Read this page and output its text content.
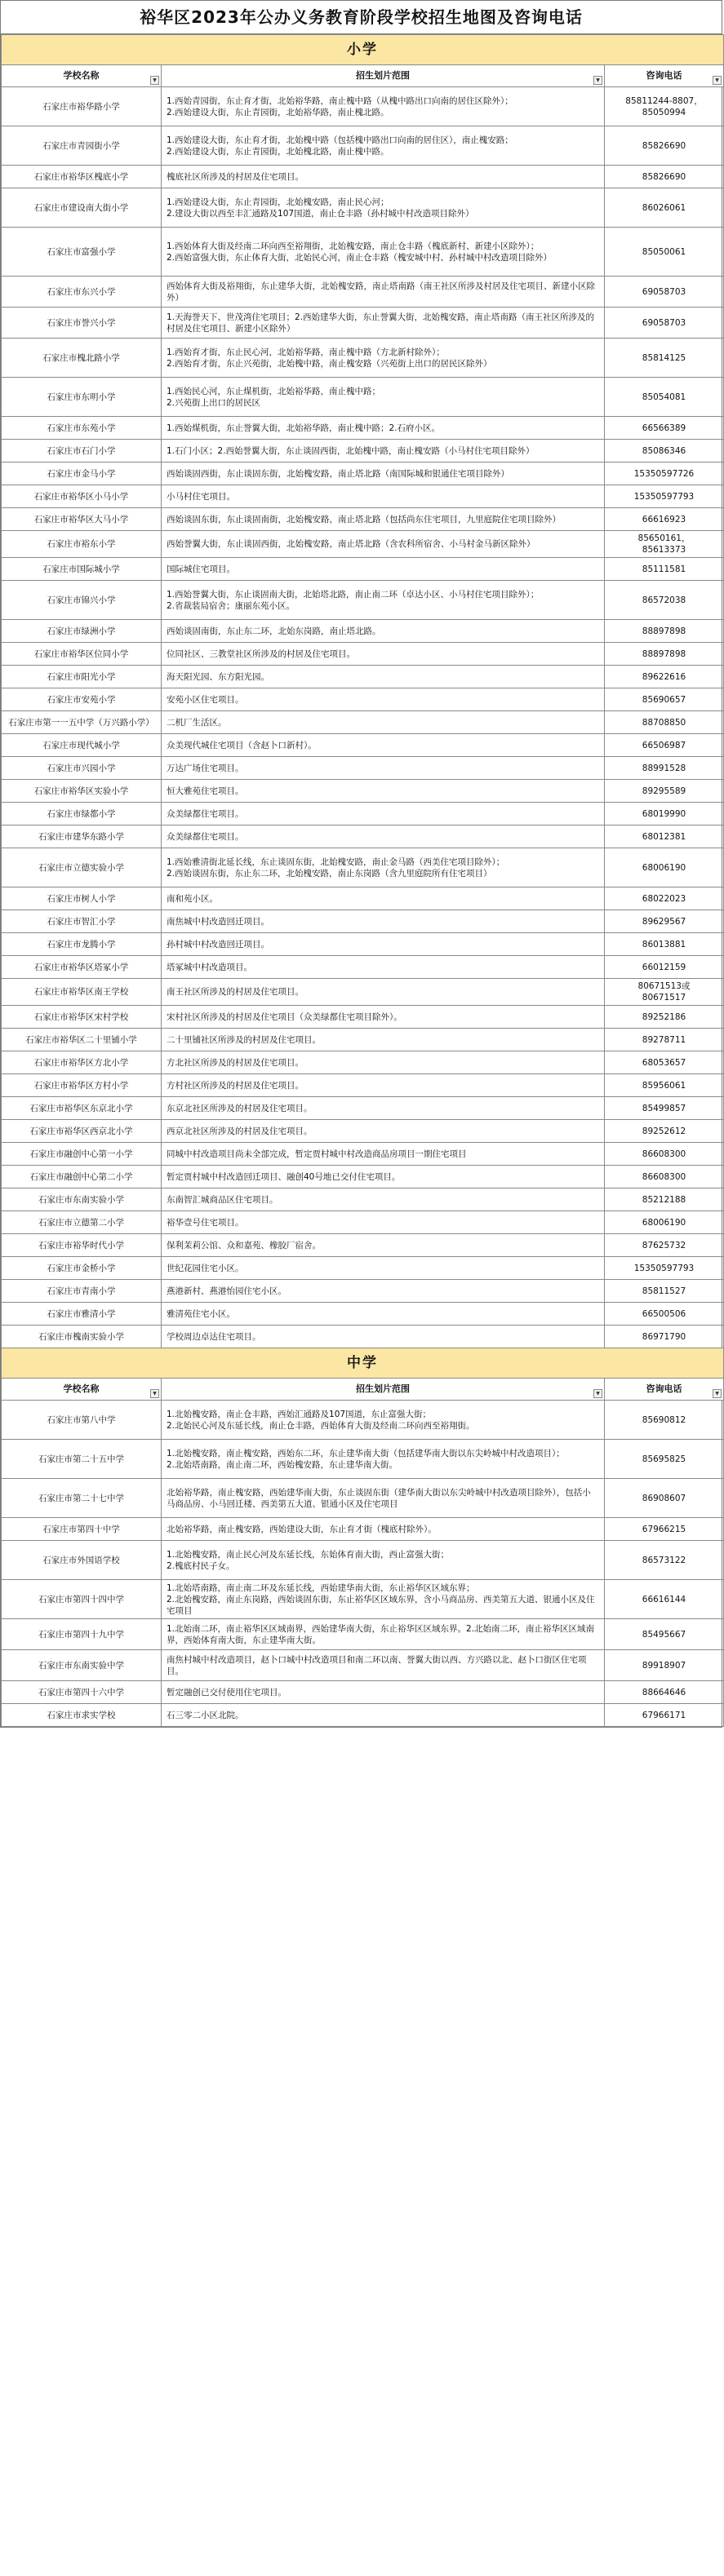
裕华区2023年公办义务教育阶段学校招生地图及咨询电话
小学		
学校名称 ▼	招生划片范围 ▼	咨询电话 ▼

石家庄市裕华路小学	1.西始青园街，东止育才街，北始裕华路，南止槐中路（从槐中路出口向南的居住区除外）；
2.西始建设大街，东止青园街，北始裕华路，南止槐北路。	85811244-8807，
85050994
石家庄市青园街小学	1.西始建设大街，东止育才街，北始槐中路（包括槐中路出口向南的居住区），南止槐安路；
2.西始建设大街，东止青园街，北始槐北路，南止槐中路。	85826690
石家庄市裕华区槐底小学	槐底社区所涉及的村居及住宅项目。	85826690
石家庄市建设南大街小学	1.西始建设大街，东止青园街，北始槐安路，南止民心河；
2.建设大街以西至丰汇通路及107国道，南止仓丰路（孙村城中村改造项目除外）	86026061
石家庄市富强小学	1.西始体育大街及经南二环向西至裕翔街，北始槐安路，南止仓丰路（槐底新村、新建小区除外）；
2.西始富强大街，东止体育大街，北始民心河，南止仓丰路（槐安城中村、孙村城中村改造项目除外）	85050061
石家庄市东兴小学	西始体育大街及裕翔街，东止建华大街，北始槐安路，南止塔南路（南王社区所涉及村居及住宅项目、新建小区除外）	69058703
石家庄市誉兴小学	1.天海誉天下、世茂湾住宅项目；2.西始建华大街，东止誉翼大街，北始槐安路，南止塔南路（南王社区所涉及的村居及住宅项目、新建小区除外）	69058703
石家庄市槐北路小学	1.西始育才街，东止民心河，北始裕华路，南止槐中路（方北新村除外）；
2.西始育才街，东止兴苑街，北始槐中路，南止槐安路（兴苑街上出口的居民区除外）	85814125
石家庄市东明小学	1.西始民心河，东止煤机街，北始裕华路，南止槐中路；
2.兴苑街上出口的居民区	85054081
石家庄市东苑小学	1.西始煤机街，东止誉翼大街，北始裕华路，南止槐中路；2.石府小区。	66566389
石家庄市石门小学	1.石门小区；2.西始誉翼大街，东止谈固西街，北始槐中路，南止槐安路（小马村住宅项目除外）	85086346
石家庄市金马小学	西始谈固西街，东止谈固东街，北始槐安路，南止塔北路（南国际城和银通住宅项目除外）	15350597726
石家庄市裕华区小马小学	小马村住宅项目。	15350597793
石家庄市裕华区大马小学	西始谈固东街，东止谈固南街，北始槐安路，南止塔北路（包括尚东住宅项目，九里庭院住宅项目除外）	66616923
石家庄市裕东小学	西始誉翼大街，东止谈固西街，北始槐安路，南止塔北路（含农科所宿舍、小马村金马新区除外）	85650161，
85613373
石家庄市国际城小学	国际城住宅项目。	85111581
石家庄市锦兴小学	1.西始誉翼大街，东止谈固南大街，北始塔北路，南止南二环（卓达小区、小马村住宅项目除外）；
2.省裁装局宿舍；康丽东苑小区。	86572038
石家庄市绿洲小学	西始谈固南街，东止东二环，北始东岗路，南止塔北路。	88897898
石家庄市裕华区位同小学	位同社区、三教堂社区所涉及的村居及住宅项目。	88897898
石家庄市阳光小学	海天阳光园、东方阳光园。	89622616
石家庄市安苑小学	安苑小区住宅项目。	85690657
石家庄市第一一五中学（万兴路小学）	二机厂生活区。	88708850
石家庄市现代城小学	众美现代城住宅项目（含赵卜口新村）。	66506987
石家庄市兴园小学	万达广场住宅项目。	88991528
石家庄市裕华区实验小学	恒大雅苑住宅项目。	89295589
石家庄市绿都小学	众美绿都住宅项目。	68019990
石家庄市建华东路小学	众美绿都住宅项目。	68012381
石家庄市立德实验小学	1.西始雅清街北延长线，东止谈固东街，北始槐安路，南止金马路（西美住宅项目除外）；
2.西始谈固东街，东止东二环，北始槐安路，南止东岗路（含九里庭院所有住宅项目）	68006190
石家庄市树人小学	南和苑小区。	68022023
石家庄市智汇小学	南焦城中村改造回迁项目。	89629567
石家庄市龙腾小学	孙村城中村改造回迁项目。	86013881
石家庄市裕华区塔冢小学	塔冢城中村改造项目。	66012159
石家庄市裕华区南王学校	南王社区所涉及的村居及住宅项目。	80671513或
80671517
石家庄市裕华区宋村学校	宋村社区所涉及的村居及住宅项目（众美绿都住宅项目除外）。	89252186
石家庄市裕华区二十里铺小学	二十里铺社区所涉及的村居及住宅项目。	89278711
石家庄市裕华区方北小学	方北社区所涉及的村居及住宅项目。	68053657
石家庄市裕华区方村小学	方村社区所涉及的村居及住宅项目。	85956061
石家庄市裕华区东京北小学	东京北社区所涉及的村居及住宅项目。	85499857
石家庄市裕华区西京北小学	西京北社区所涉及的村居及住宅项目。	89252612
石家庄市融创中心第一小学	同城中村改造项目尚未全部完成，暂定贾村城中村改造商品房项目一期住宅项目	86608300
石家庄市融创中心第二小学	暂定贾村城中村改造回迁项目、融创40号地已交付住宅项目。	86608300
石家庄市东南实验小学	东南智汇城商品区住宅项目。	85212188
石家庄市立德第二小学	裕华壹号住宅项目。	68006190
石家庄市裕华时代小学	保利茉莉公馆、众和嘉苑、橡胶厂宿舍。	87625732
石家庄市金桥小学	世纪花园住宅小区。	15350597793
石家庄市青南小学	燕港新村、燕港怡园住宅小区。	85811527
石家庄市雅清小学	雅清苑住宅小区。	66500506
石家庄市槐南实验小学	学校周边卓达住宅项目。	86971790
中学		
学校名称 ▼	招生划片范围 ▼	咨询电话 ▼

石家庄市第八中学	1.北始槐安路，南止仓丰路，西始汇通路及107国道，东止富强大街；
2.北始民心河及东延长线，南止仓丰路，西始体育大街及经南二环向西至裕翔街。	85690812
石家庄市第二十五中学	1.北始槐安路，南止槐安路，西始东二环，东止建华南大街（包括建华南大街以东尖岭城中村改造项目）；
2.北始塔南路，南止南二环，西始槐安路，东止建华南大街。	85695825
石家庄市第二十七中学	北始裕华路，南止槐安路，西始建华南大街，东止谈固东街（建华南大街以东尖岭城中村改造项目除外），包括小马商品房、小马回迁楼、西美第五大道、银通小区及住宅项目	86908607
石家庄市第四十中学	北始裕华路，南止槐安路，西始建设大街，东止育才街（槐底村除外）。	67966215
石家庄市外国语学校	1.北始槐安路，南止民心河及东延长线，东始体育南大街，西止富强大街；
2.槐底村民子女。	86573122
石家庄市第四十四中学	1.北始塔南路，南止南二环及东延长线，西始建华南大街，东止裕华区区域东界；
2.北始槐安路，南止东岗路，西始谈固东街，东止裕华区区域东界，含小马商品房、西美第五大道、银通小区及住宅项目	66616144
石家庄市第四十九中学	1.北始南二环，南止裕华区区域南界，西始建华南大街，东止裕华区区域东界。2.北始南二环，南止裕华区区域南界，西始体育南大街，东止建华南大街。	85495667
石家庄市东南实验中学	南焦村城中村改造项目，赵卜口城中村改造项目和南二环以南、誉翼大街以西、方兴路以北、赵卜口街区住宅项目。	89918907
石家庄市第四十六中学	暂定融创已交付使用住宅项目。	88664646
石家庄市求实学校	石三零二小区北院。	67966171
